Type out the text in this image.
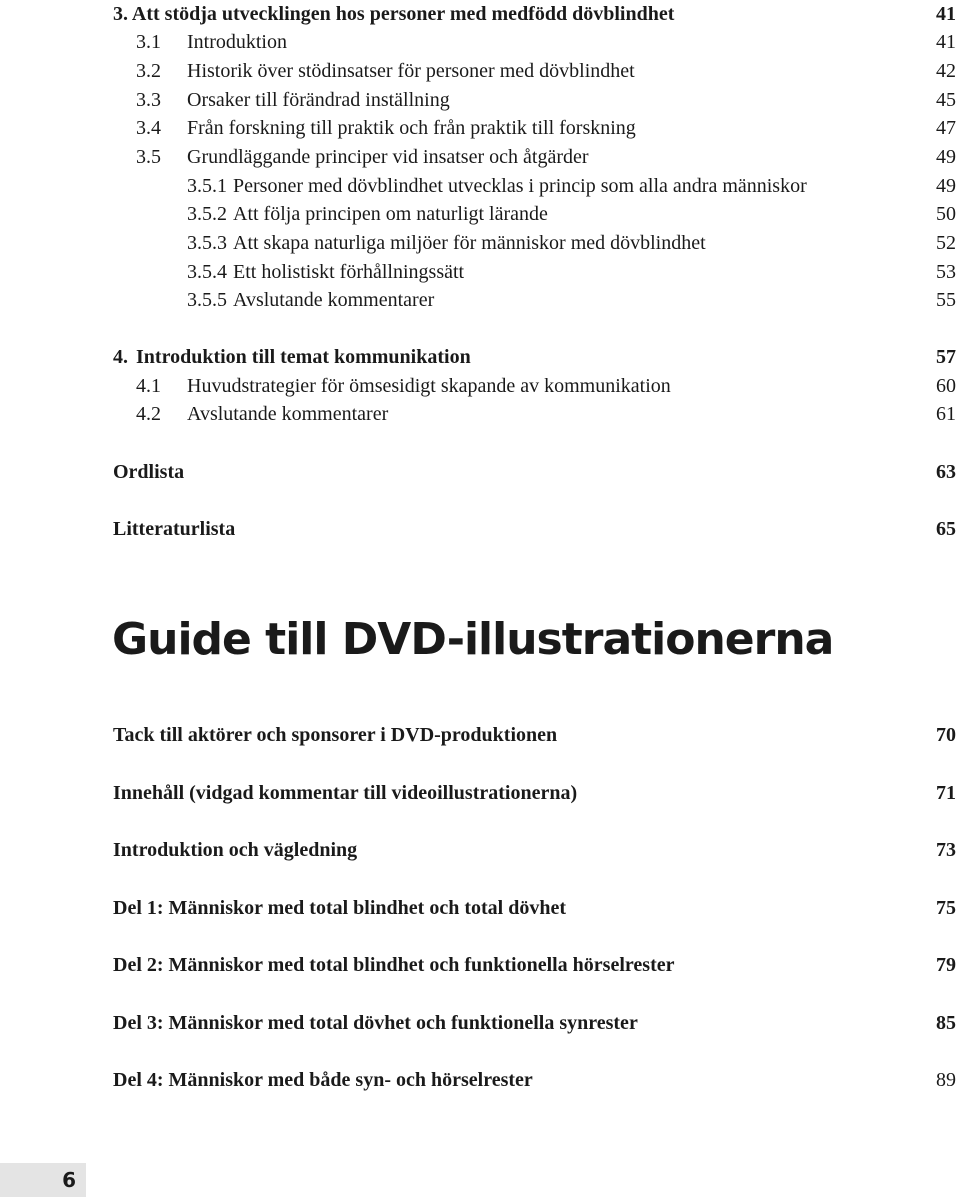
3. Att stödja utvecklingen hos personer med medfödd dövblindhet	41
3.1 Introduktion	41
3.2 Historik över stödinsatser för personer med dövblindhet	42
3.3 Orsaker till förändrad inställning	45
3.4 Från forskning till praktik och från praktik till forskning	47
3.5 Grundläggande principer vid insatser och åtgärder	49
3.5.1 Personer med dövblindhet utvecklas i princip som alla andra människor	49
3.5.2 Att följa principen om naturligt lärande	50
3.5.3 Att skapa naturliga miljöer för människor med dövblindhet	52
3.5.4 Ett holistiskt förhållningssätt	53
3.5.5 Avslutande kommentarer	55
4. Introduktion till temat kommunikation	57
4.1 Huvudstrategier för ömsesidigt skapande av kommunikation	60
4.2 Avslutande kommentarer	61
Ordlista	63
Litteraturlista	65
Guide till DVD-illustrationerna
Tack till aktörer och sponsorer i DVD-produktionen	70
Innehåll (vidgad kommentar till videoillustrationerna)	71
Introduktion och vägledning	73
Del 1: Människor med total blindhet och total dövhet	75
Del 2: Människor med total blindhet och funktionella hörselrester	79
Del 3: Människor med total dövhet och funktionella synrester	85
Del 4: Människor med både syn- och hörselrester	89
6
